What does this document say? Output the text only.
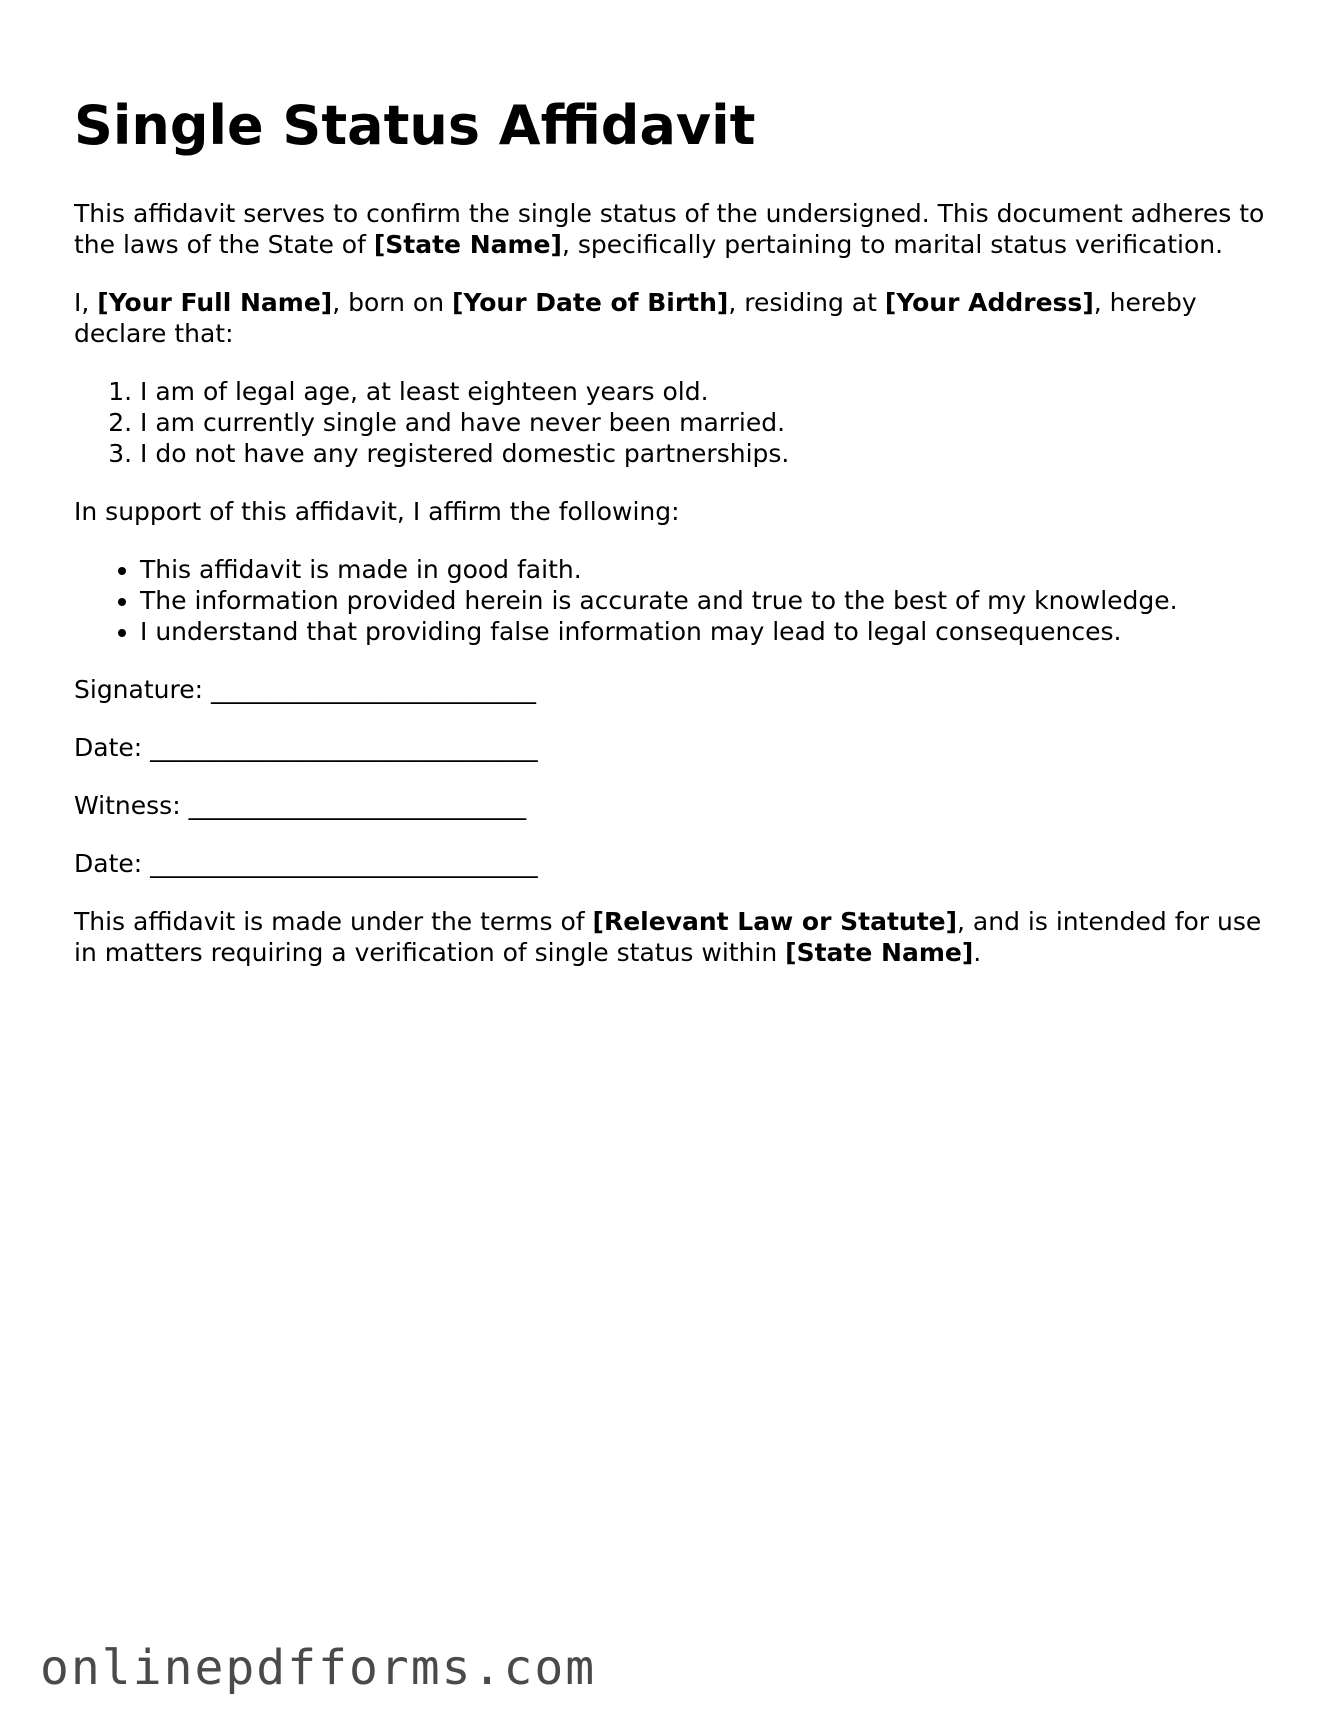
Single Status Affidavit

This affidavit serves to confirm the single status of the undersigned. This document adheres to the laws of the State of [State Name], specifically pertaining to marital status verification.

I, [Your Full Name], born on [Your Date of Birth], residing at [Your Address], hereby declare that:

1. I am of legal age, at least eighteen years old.
2. I am currently single and have never been married.
3. I do not have any registered domestic partnerships.

In support of this affidavit, I affirm the following:

• This affidavit is made in good faith.
• The information provided herein is accurate and true to the best of my knowledge.
• I understand that providing false information may lead to legal consequences.

Signature: __________________________

Date: _______________________________

Witness: ___________________________

Date: _______________________________

This affidavit is made under the terms of [Relevant Law or Statute], and is intended for use in matters requiring a verification of single status within [State Name].

onlinepdfforms.com
